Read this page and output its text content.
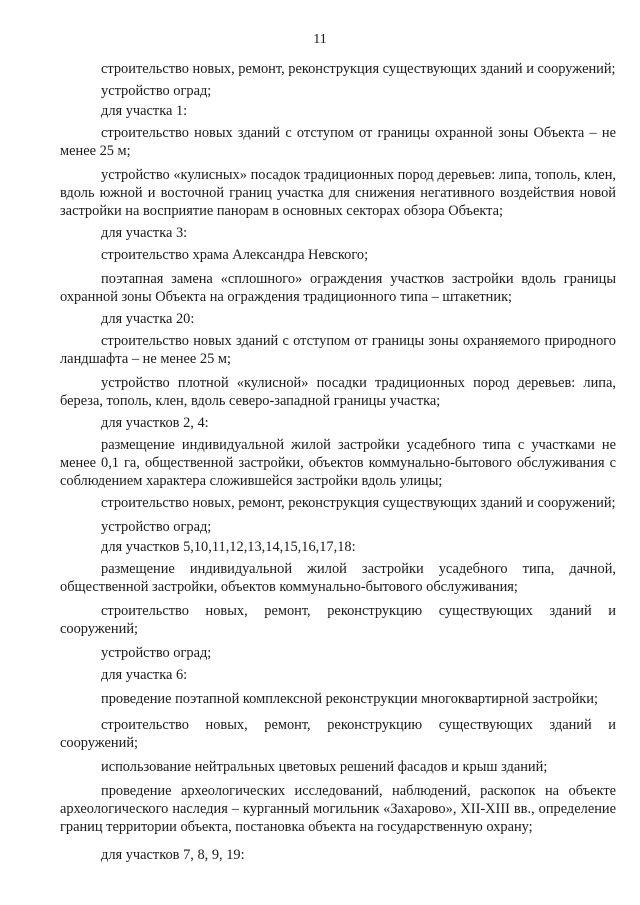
11

строительство новых, ремонт, реконструкция существующих зданий и сооружений;

устройство оград;

для участка 1:

строительство новых зданий с отступом от границы охранной зоны Объекта – не менее 25 м;

устройство «кулисных» посадок традиционных пород деревьев: липа, тополь, клен, вдоль южной и восточной границ участка для снижения негативного воздействия новой застройки на восприятие панорам в основных секторах обзора Объекта;

для участка 3:

строительство храма Александра Невского;

поэтапная замена «сплошного» ограждения участков застройки вдоль границы охранной зоны Объекта на ограждения традиционного типа – штакетник;

для участка 20:

строительство новых зданий с отступом от границы зоны охраняемого природного ландшафта – не менее 25 м;

устройство плотной «кулисной» посадки традиционных пород деревьев: липа, береза, тополь, клен, вдоль северо-западной границы участка;

для участков 2, 4:

размещение индивидуальной жилой застройки усадебного типа с участками не менее 0,1 га, общественной застройки, объектов коммунально-бытового обслуживания с соблюдением характера сложившейся застройки вдоль улицы;

строительство новых, ремонт, реконструкция существующих зданий и сооружений;

устройство оград;

для участков 5,10,11,12,13,14,15,16,17,18:

размещение индивидуальной жилой застройки усадебного типа, дачной, общественной застройки, объектов коммунально-бытового обслуживания;

строительство новых, ремонт, реконструкцию существующих зданий и сооружений;

устройство оград;

для участка 6:

проведение поэтапной комплексной реконструкции многоквартирной застройки;

строительство новых, ремонт, реконструкцию существующих зданий и сооружений;

использование нейтральных цветовых решений фасадов и крыш зданий;

проведение археологических исследований, наблюдений, раскопок на объекте археологического наследия – курганный могильник «Захарово», XII-XIII вв., определение границ территории объекта, постановка объекта на государственную охрану;

для участков 7, 8, 9, 19:
